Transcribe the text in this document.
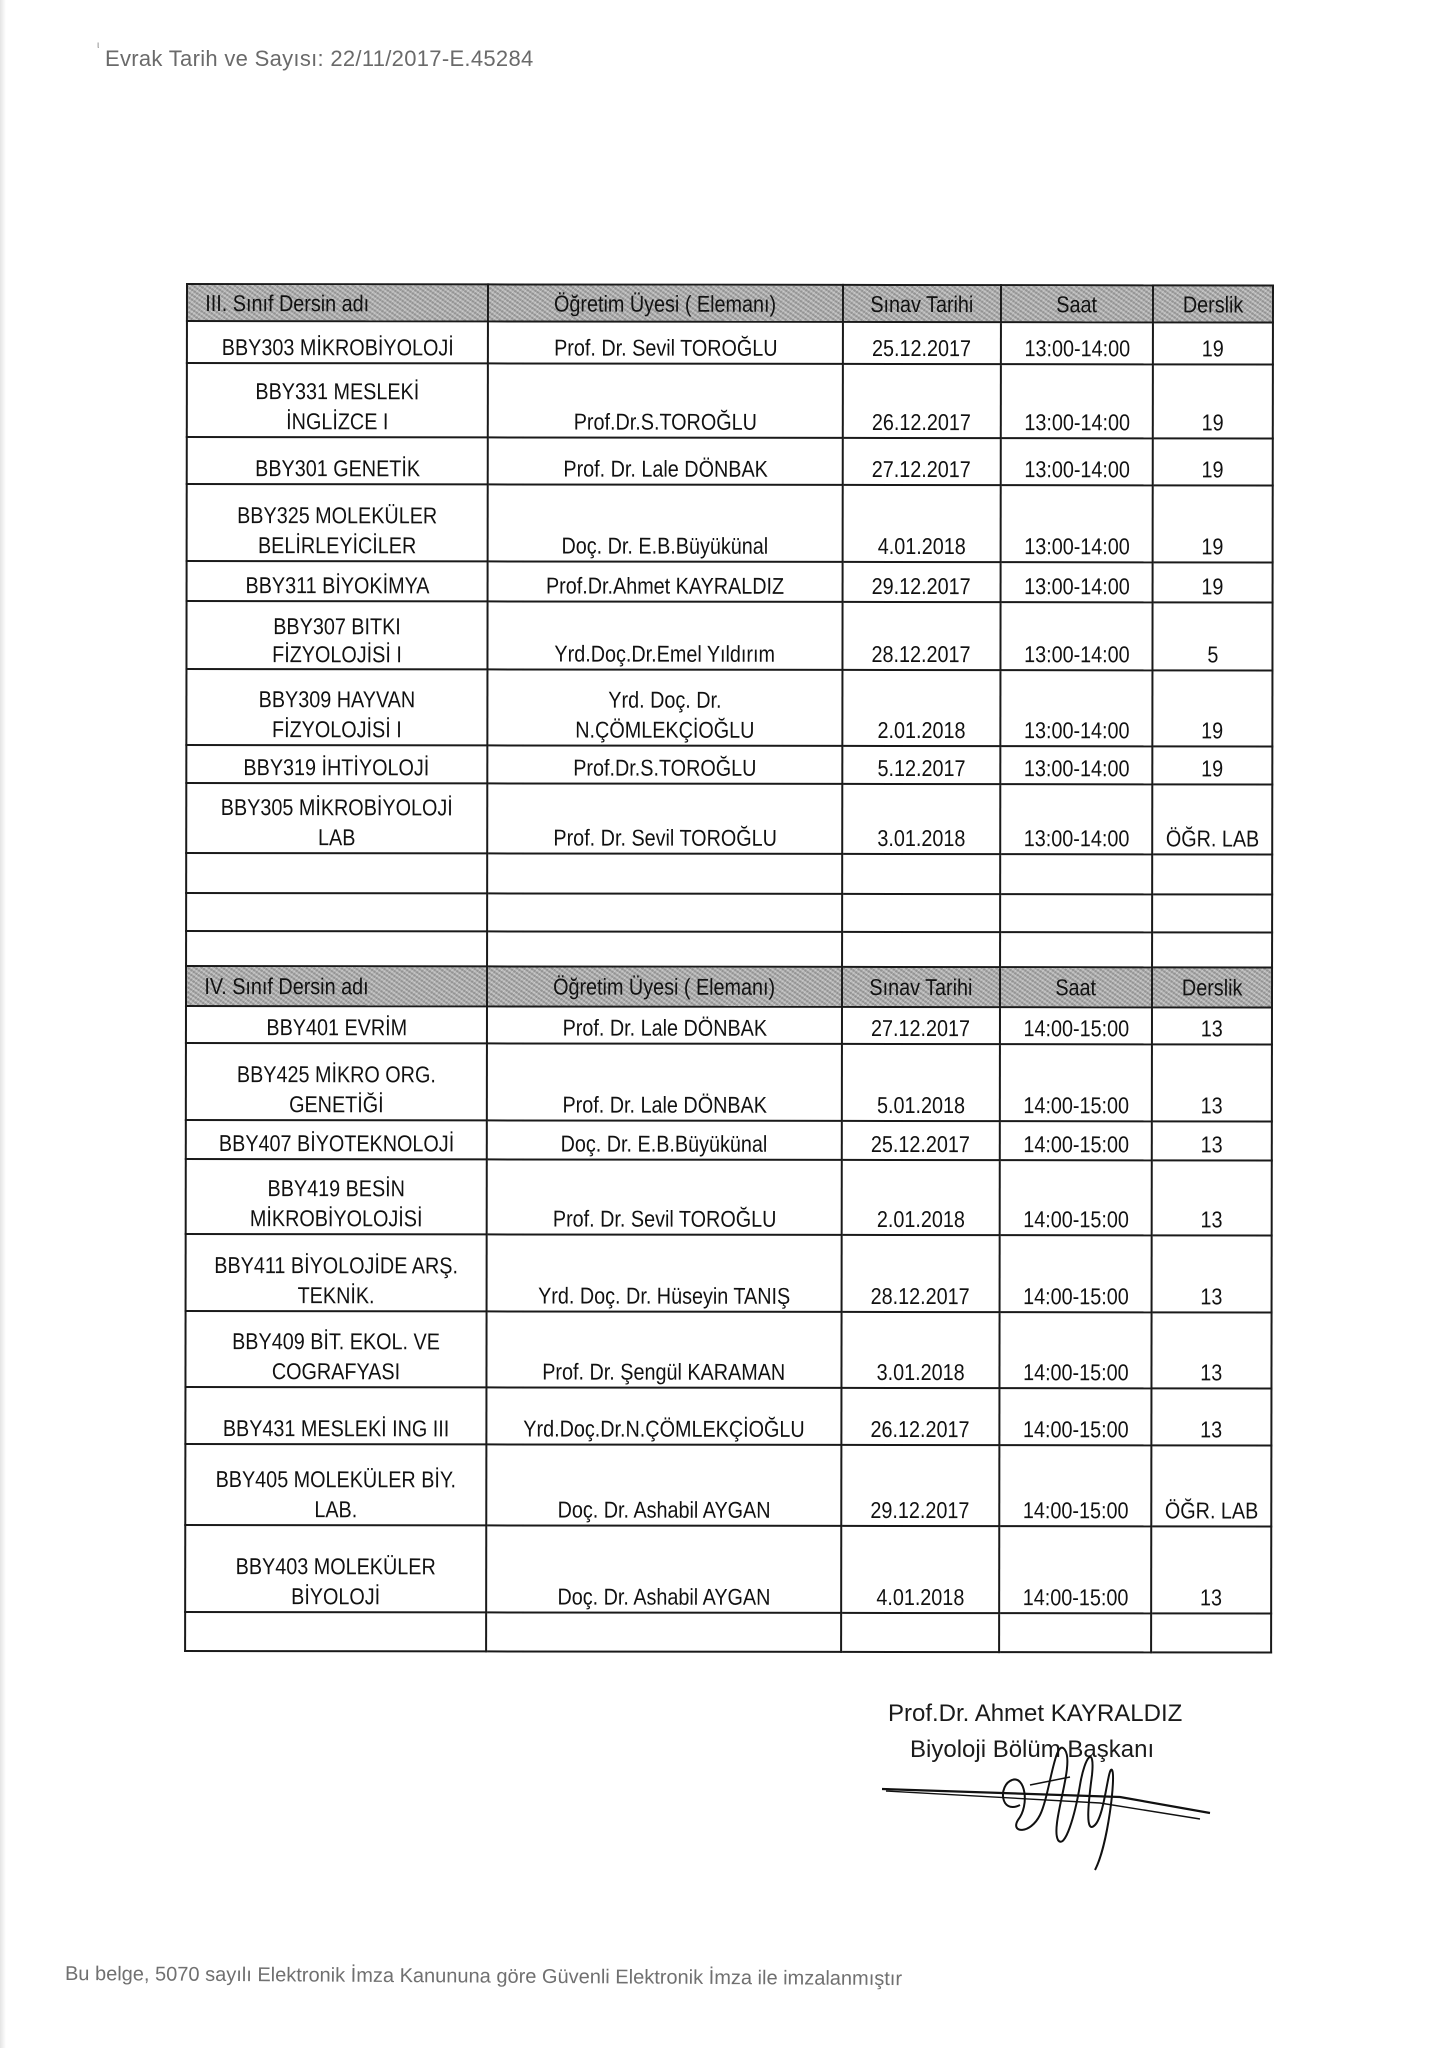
ι
Evrak Tarih ve Sayısı: 22/11/2017-E.45284
III. Sınıf Dersin adı	Öğretim Üyesi ( Elemanı)	Sınav Tarihi	Saat	Derslik
BBY303 MİKROBİYOLOJİ	Prof. Dr. Sevil TOROĞLU	25.12.2017	13:00-14:00	19

BBY331 MESLEKİ
İNGLİZCE I	Prof.Dr.S.TOROĞLU	26.12.2017	13:00-14:00	19
BBY301 GENETİK	Prof. Dr. Lale DÖNBAK	27.12.2017	13:00-14:00	19

BBY325 MOLEKÜLER
BELİRLEYİCİLER	Doç. Dr. E.B.Büyükünal	4.01.2018	13:00-14:00	19
BBY311 BİYOKİMYA	Prof.Dr.Ahmet KAYRALDIZ	29.12.2017	13:00-14:00	19

BBY307 BITKI
FİZYOLOJİSİ I	Yrd.Doç.Dr.Emel Yıldırım	28.12.2017	13:00-14:00	5

BBY309 HAYVAN
FİZYOLOJİSİ I	Yrd. Doç. Dr.
N.ÇÖMLEKÇİOĞLU	2.01.2018	13:00-14:00	19
BBY319 İHTİYOLOJİ	Prof.Dr.S.TOROĞLU	5.12.2017	13:00-14:00	19

BBY305 MİKROBİYOLOJİ
LAB	Prof. Dr. Sevil TOROĞLU	3.01.2018	13:00-14:00	ÖĞR. LAB

IV. Sınıf Dersin adı	Öğretim Üyesi ( Elemanı)	Sınav Tarihi	Saat	Derslik
BBY401 EVRİM	Prof. Dr. Lale DÖNBAK	27.12.2017	14:00-15:00	13

BBY425 MİKRO ORG.
GENETİĞİ	Prof. Dr. Lale DÖNBAK	5.01.2018	14:00-15:00	13
BBY407 BİYOTEKNOLOJİ	Doç. Dr. E.B.Büyükünal	25.12.2017	14:00-15:00	13

BBY419 BESİN
MİKROBİYOLOJİSİ	Prof. Dr. Sevil TOROĞLU	2.01.2018	14:00-15:00	13

BBY411 BİYOLOJİDE ARŞ.
TEKNİK.	Yrd. Doç. Dr. Hüseyin TANIŞ	28.12.2017	14:00-15:00	13

BBY409 BİT. EKOL. VE
COGRAFYASI	Prof. Dr. Şengül KARAMAN	3.01.2018	14:00-15:00	13
BBY431 MESLEKİ ING III	Yrd.Doç.Dr.N.ÇÖMLEKÇİOĞLU	26.12.2017	14:00-15:00	13

BBY405 MOLEKÜLER BİY.
LAB.	Doç. Dr. Ashabil AYGAN	29.12.2017	14:00-15:00	ÖĞR. LAB

BBY403 MOLEKÜLER
BİYOLOJİ	Doç. Dr. Ashabil AYGAN	4.01.2018	14:00-15:00	13

Prof.Dr. Ahmet KAYRALDIZ
Biyoloji Bölüm Başkanı
Bu belge, 5070 sayılı Elektronik İmza Kanununa göre Güvenli Elektronik İmza ile imzalanmıştır
